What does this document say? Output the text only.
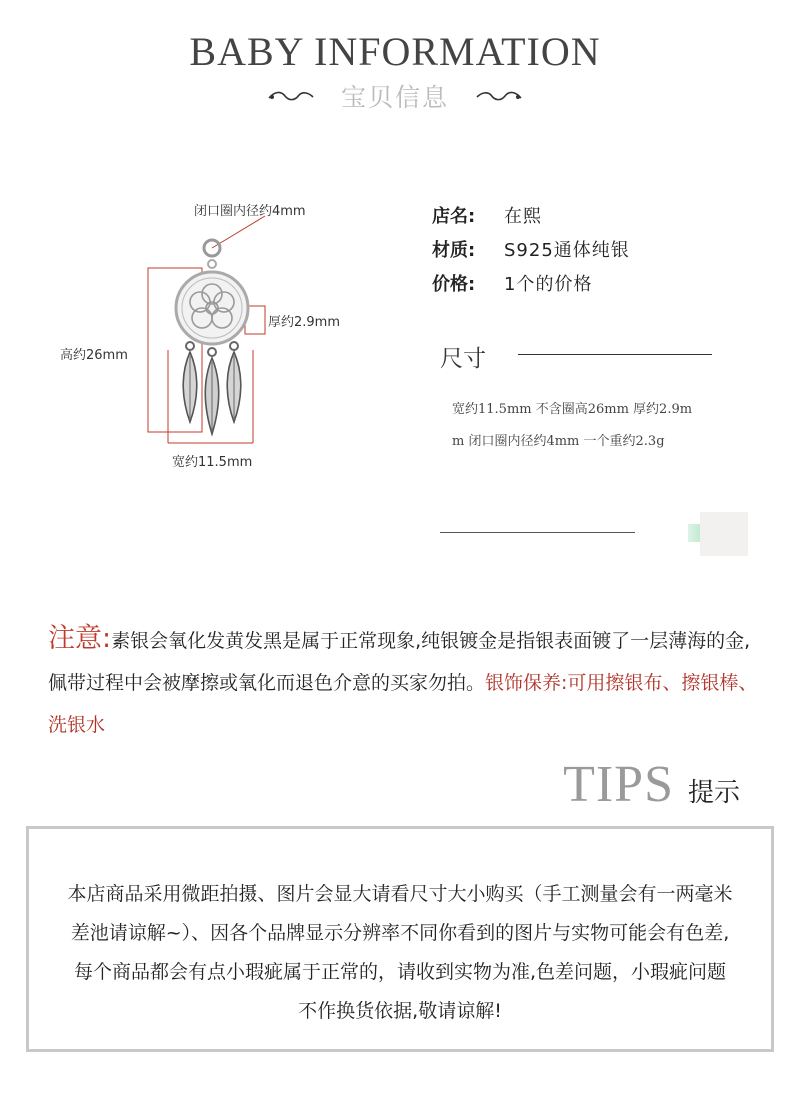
BABY INFORMATION
宝贝信息
闭口圈内径约4mm
厚约2.9mm
高约26mm
宽约11.5mm
店名:	在熙
材质:	S925通体纯银
价格:	1个的价格
尺寸
宽约11.5mm 不含圈高26mm 厚约2.9mm 闭口圈内径约4mm 一个重约2.3g
注意:素银会氧化发黄发黑是属于正常现象,纯银镀金是指银表面镀了一层薄海的金,佩带过程中会被摩擦或氧化而退色介意的买家勿拍。银饰保养:可用擦银布、擦银棒、洗银水
TIPS 提示
本店商品采用微距拍摄、图片会显大请看尺寸大小购买（手工测量会有一两毫米差池请谅解~）、因各个品牌显示分辨率不同你看到的图片与实物可能会有色差,每个商品都会有点小瑕疵属于正常的，请收到实物为准,色差问题，小瑕疵问题不作换货依据,敬请谅解!
